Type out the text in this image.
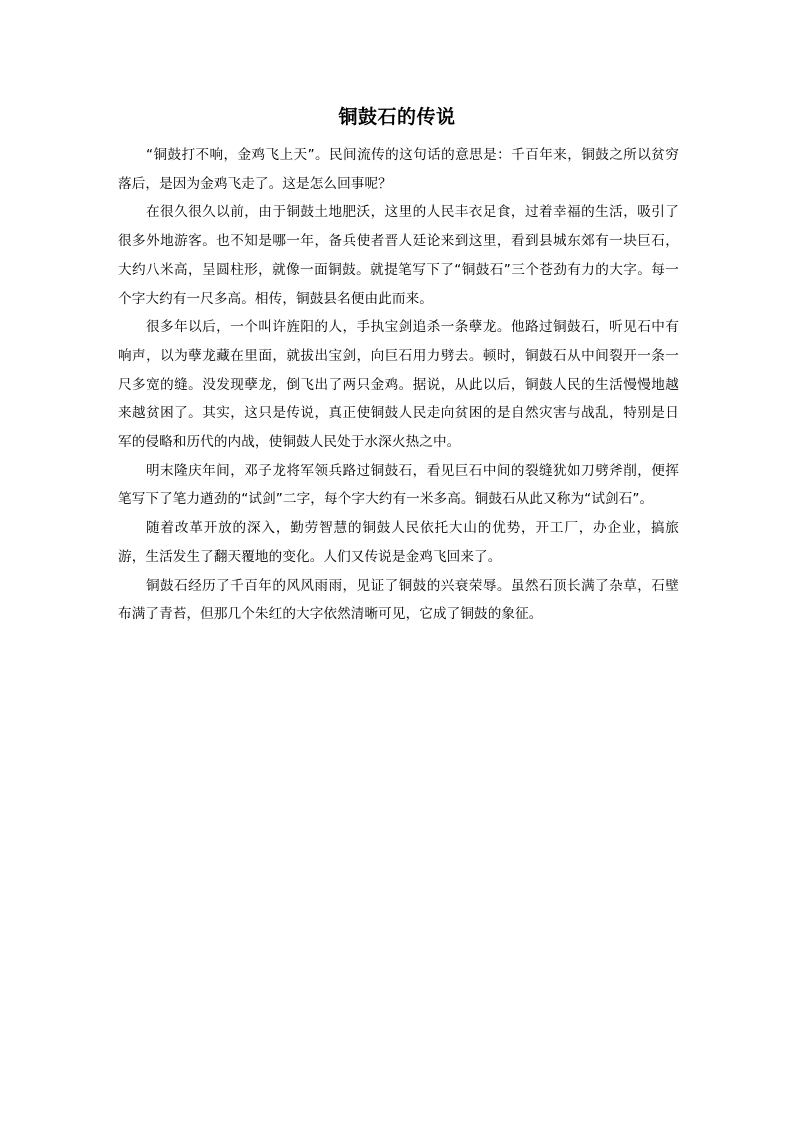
铜鼓石的传说

“铜鼓打不响，金鸡飞上天”。民间流传的这句话的意思是：千百年来，铜鼓之所以贫穷落后，是因为金鸡飞走了。这是怎么回事呢？

在很久很久以前，由于铜鼓土地肥沃，这里的人民丰衣足食，过着幸福的生活，吸引了很多外地游客。也不知是哪一年，备兵使者晋人廷论来到这里，看到县城东郊有一块巨石，大约八米高，呈圆柱形，就像一面铜鼓。就提笔写下了“铜鼓石”三个苍劲有力的大字。每一个字大约有一尺多高。相传，铜鼓县名便由此而来。

很多年以后，一个叫许旌阳的人，手执宝剑追杀一条孽龙。他路过铜鼓石，听见石中有响声，以为孽龙藏在里面，就拔出宝剑，向巨石用力劈去。顿时，铜鼓石从中间裂开一条一尺多宽的缝。没发现孽龙，倒飞出了两只金鸡。据说，从此以后，铜鼓人民的生活慢慢地越来越贫困了。其实，这只是传说，真正使铜鼓人民走向贫困的是自然灾害与战乱，特别是日军的侵略和历代的内战，使铜鼓人民处于水深火热之中。

明末隆庆年间，邓子龙将军领兵路过铜鼓石，看见巨石中间的裂缝犹如刀劈斧削，便挥笔写下了笔力遒劲的“试剑”二字，每个字大约有一米多高。铜鼓石从此又称为“试剑石”。

随着改革开放的深入，勤劳智慧的铜鼓人民依托大山的优势，开工厂，办企业，搞旅游，生活发生了翻天覆地的变化。人们又传说是金鸡飞回来了。

铜鼓石经历了千百年的风风雨雨，见证了铜鼓的兴衰荣辱。虽然石顶长满了杂草，石壁布满了青苔，但那几个朱红的大字依然清晰可见，它成了铜鼓的象征。
